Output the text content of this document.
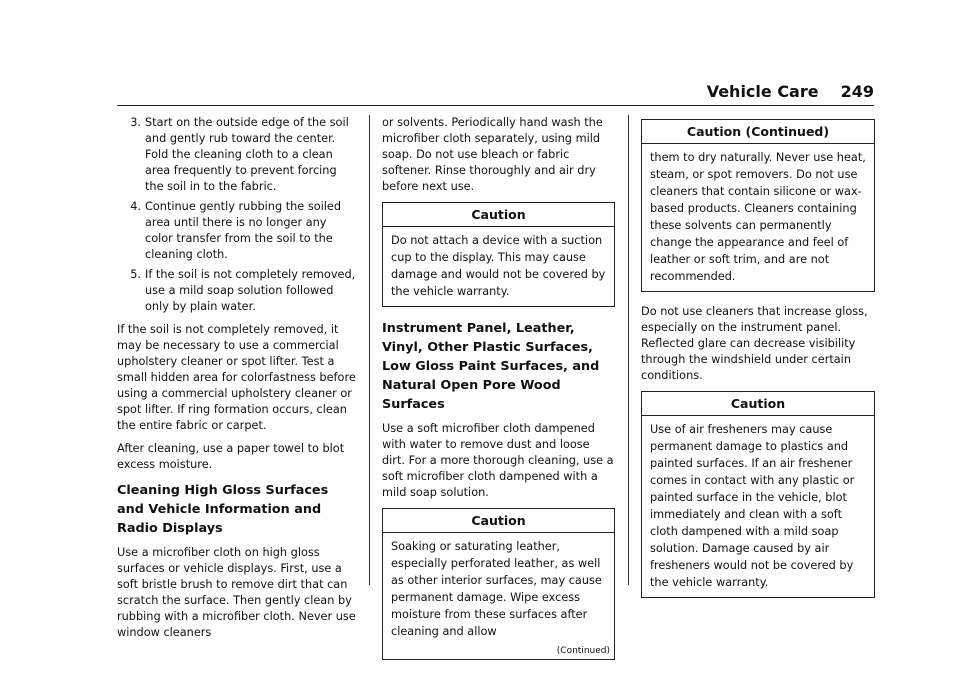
Vehicle Care 249
3. Start on the outside edge of the soil and gently rub toward the center. Fold the cleaning cloth to a clean area frequently to prevent forcing the soil in to the fabric.
4. Continue gently rubbing the soiled area until there is no longer any color transfer from the soil to the cleaning cloth.
5. If the soil is not completely removed, use a mild soap solution followed only by plain water.

If the soil is not completely removed, it may be necessary to use a commercial upholstery cleaner or spot lifter. Test a small hidden area for colorfastness before using a commercial upholstery cleaner or spot lifter. If ring formation occurs, clean the entire fabric or carpet.

After cleaning, use a paper towel to blot excess moisture.

Cleaning High Gloss Surfaces and Vehicle Information and Radio Displays

Use a microfiber cloth on high gloss surfaces or vehicle displays. First, use a soft bristle brush to remove dirt that can scratch the surface. Then gently clean by rubbing with a microfiber cloth. Never use window cleaners

or solvents. Periodically hand wash the microfiber cloth separately, using mild soap. Do not use bleach or fabric softener. Rinse thoroughly and air dry before next use.

Caution
Do not attach a device with a suction cup to the display. This may cause damage and would not be covered by the vehicle warranty.
Instrument Panel, Leather, Vinyl, Other Plastic Surfaces, Low Gloss Paint Surfaces, and Natural Open Pore Wood Surfaces

Use a soft microfiber cloth dampened with water to remove dust and loose dirt. For a more thorough cleaning, use a soft microfiber cloth dampened with a mild soap solution.

Caution
Soaking or saturating leather, especially perforated leather, as well as other interior surfaces, may cause permanent damage. Wipe excess moisture from these surfaces after cleaning and allow
(Continued)
Caution (Continued)
them to dry naturally. Never use heat, steam, or spot removers. Do not use cleaners that contain silicone or wax-based products. Cleaners containing these solvents can permanently change the appearance and feel of leather or soft trim, and are not recommended.

Do not use cleaners that increase gloss, especially on the instrument panel. Reflected glare can decrease visibility through the windshield under certain conditions.

Caution
Use of air fresheners may cause permanent damage to plastics and painted surfaces. If an air freshener comes in contact with any plastic or painted surface in the vehicle, blot immediately and clean with a soft cloth dampened with a mild soap solution. Damage caused by air fresheners would not be covered by the vehicle warranty.
